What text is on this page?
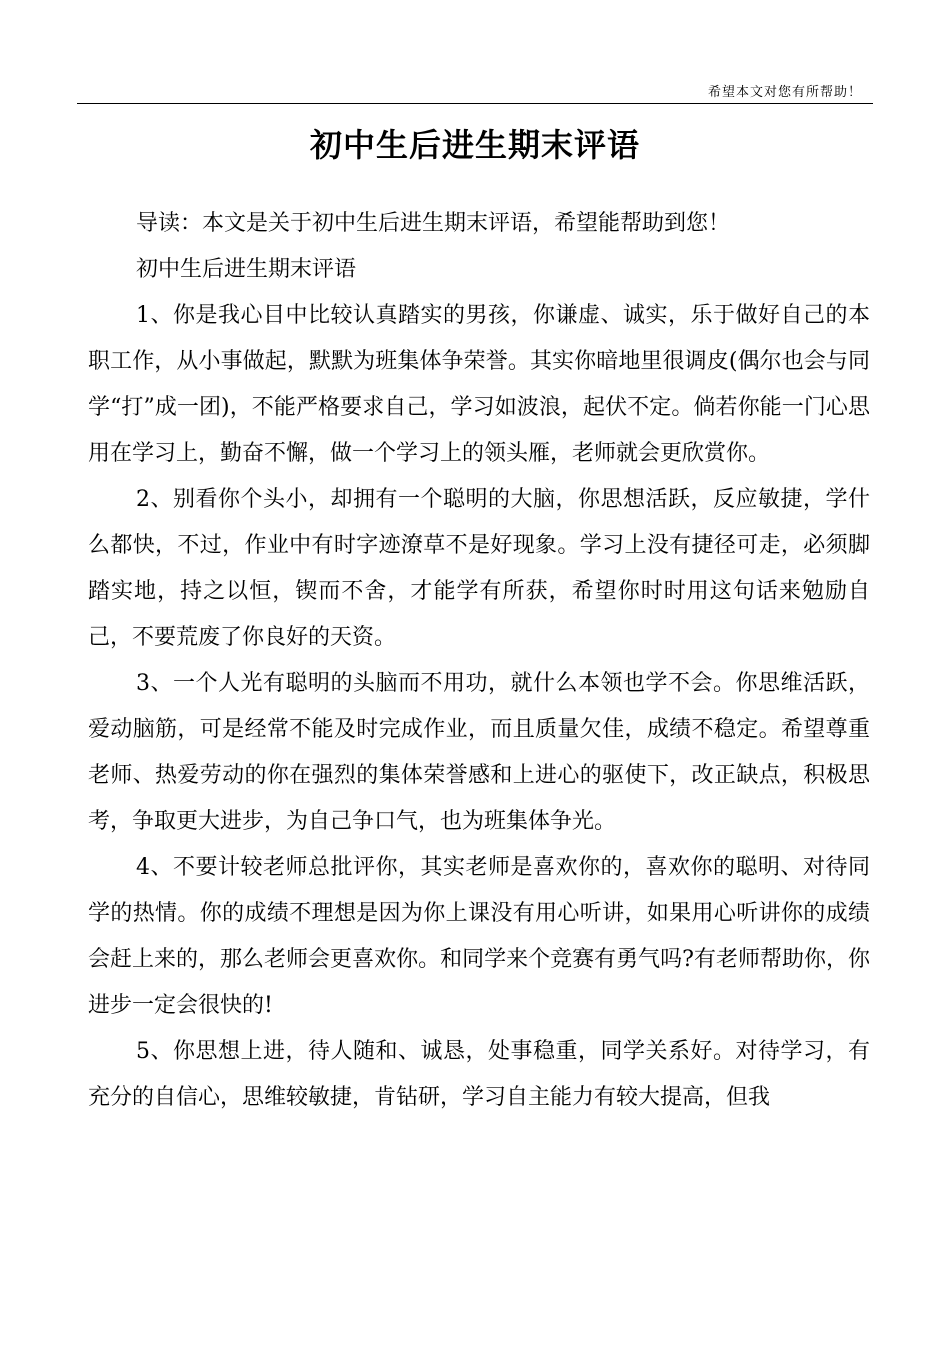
希望本文对您有所帮助！
初中生后进生期末评语

导读：本文是关于初中生后进生期末评语，希望能帮助到您！

初中生后进生期末评语

1、你是我心目中比较认真踏实的男孩，你谦虚、诚实，乐于做好自己的本职工作，从小事做起，默默为班集体争荣誉。其实你暗地里很调皮(偶尔也会与同学“打”成一团)，不能严格要求自己，学习如波浪，起伏不定。倘若你能一门心思用在学习上，勤奋不懈，做一个学习上的领头雁，老师就会更欣赏你。

2、别看你个头小，却拥有一个聪明的大脑，你思想活跃，反应敏捷，学什么都快，不过，作业中有时字迹潦草不是好现象。学习上没有捷径可走，必须脚踏实地，持之以恒，锲而不舍，才能学有所获，希望你时时用这句话来勉励自己，不要荒废了你良好的天资。

3、一个人光有聪明的头脑而不用功，就什么本领也学不会。你思维活跃，爱动脑筋，可是经常不能及时完成作业，而且质量欠佳，成绩不稳定。希望尊重老师、热爱劳动的你在强烈的集体荣誉感和上进心的驱使下，改正缺点，积极思考，争取更大进步，为自己争口气，也为班集体争光。

4、不要计较老师总批评你，其实老师是喜欢你的，喜欢你的聪明、对待同学的热情。你的成绩不理想是因为你上课没有用心听讲，如果用心听讲你的成绩会赶上来的，那么老师会更喜欢你。和同学来个竞赛有勇气吗?有老师帮助你，你进步一定会很快的!

5、你思想上进，待人随和、诚恳，处事稳重，同学关系好。对待学习，有充分的自信心，思维较敏捷，肯钻研，学习自主能力有较大提高，但我
